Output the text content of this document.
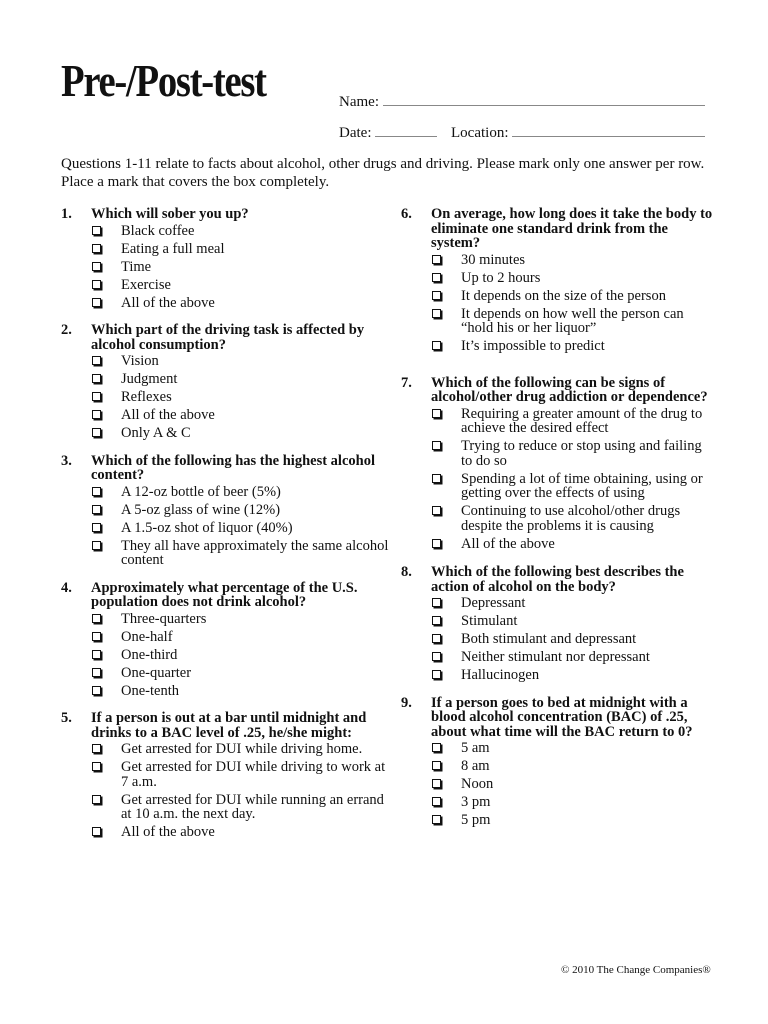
Pre-/Post-test	Name:
Date:	Location:
Questions 1-11 relate to facts about alcohol, other drugs and driving. Please mark only one answer per row. Place a mark that covers the box completely.
1. Which will sober you up?
Black coffee
Eating a full meal
Time
Exercise
All of the above
2. Which part of the driving task is affected by alcohol consumption?
Vision
Judgment
Reflexes
All of the above
Only A & C
3. Which of the following has the highest alcohol content?
A 12-oz bottle of beer (5%)
A 5-oz glass of wine (12%)
A 1.5-oz shot of liquor (40%)
They all have approximately the same alcohol content
4. Approximately what percentage of the U.S. population does not drink alcohol?
Three-quarters
One-half
One-third
One-quarter
One-tenth
5. If a person is out at a bar until midnight and drinks to a BAC level of .25, he/she might:
Get arrested for DUI while driving home.
Get arrested for DUI while driving to work at 7 a.m.
Get arrested for DUI while running an errand at 10 a.m. the next day.
All of the above
6. On average, how long does it take the body to eliminate one standard drink from the system?
30 minutes
Up to 2 hours
It depends on the size of the person
It depends on how well the person can “hold his or her liquor”
It’s impossible to predict
7. Which of the following can be signs of alcohol/other drug addiction or dependence?
Requiring a greater amount of the drug to achieve the desired effect
Trying to reduce or stop using and failing to do so
Spending a lot of time obtaining, using or getting over the effects of using
Continuing to use alcohol/other drugs despite the problems it is causing
All of the above
8. Which of the following best describes the action of alcohol on the body?
Depressant
Stimulant
Both stimulant and depressant
Neither stimulant nor depressant
Hallucinogen
9. If a person goes to bed at midnight with a blood alcohol concentration (BAC) of .25, about what time will the BAC return to 0?
5 am
8 am
Noon
3 pm
5 pm
© 2010 The Change Companies®
